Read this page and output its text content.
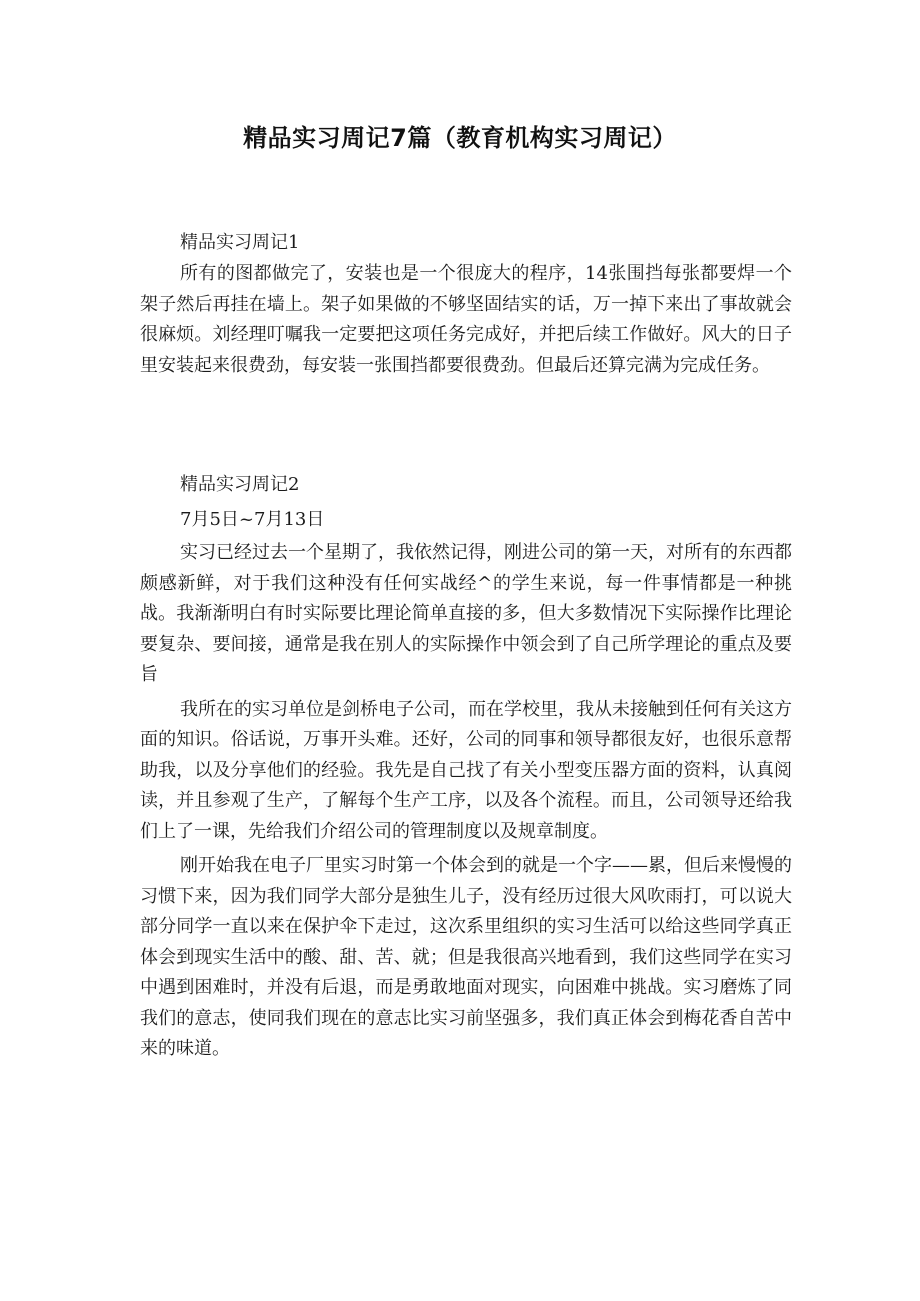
精品实习周记7篇（教育机构实习周记）
精品实习周记1

所有的图都做完了，安装也是一个很庞大的程序，14张围挡每张都要焊一个架子然后再挂在墙上。架子如果做的不够坚固结实的话，万一掉下来出了事故就会很麻烦。刘经理叮嘱我一定要把这项任务完成好，并把后续工作做好。风大的日子里安装起来很费劲，每安装一张围挡都要很费劲。但最后还算完满为完成任务。

精品实习周记2
7月5日~7月13日

实习已经过去一个星期了，我依然记得，刚进公司的第一天，对所有的东西都颇感新鲜，对于我们这种没有任何实战经^的学生来说，每一件事情都是一种挑战。我渐渐明白有时实际要比理论简单直接的多，但大多数情况下实际操作比理论要复杂、要间接，通常是我在别人的实际操作中领会到了自己所学理论的重点及要旨

我所在的实习单位是剑桥电子公司，而在学校里，我从未接触到任何有关这方面的知识。俗话说，万事开头难。还好，公司的同事和领导都很友好，也很乐意帮助我，以及分享他们的经验。我先是自己找了有关小型变压器方面的资料，认真阅读，并且参观了生产，了解每个生产工序，以及各个流程。而且，公司领导还给我们上了一课，先给我们介绍公司的管理制度以及规章制度。

刚开始我在电子厂里实习时第一个体会到的就是一个字——累，但后来慢慢的习惯下来，因为我们同学大部分是独生儿子，没有经历过很大风吹雨打，可以说大部分同学一直以来在保护伞下走过，这次系里组织的实习生活可以给这些同学真正体会到现实生活中的酸、甜、苦、就；但是我很高兴地看到，我们这些同学在实习中遇到困难时，并没有后退，而是勇敢地面对现实，向困难中挑战。实习磨炼了同我们的意志，使同我们现在的意志比实习前坚强多，我们真正体会到梅花香自苦中来的味道。
